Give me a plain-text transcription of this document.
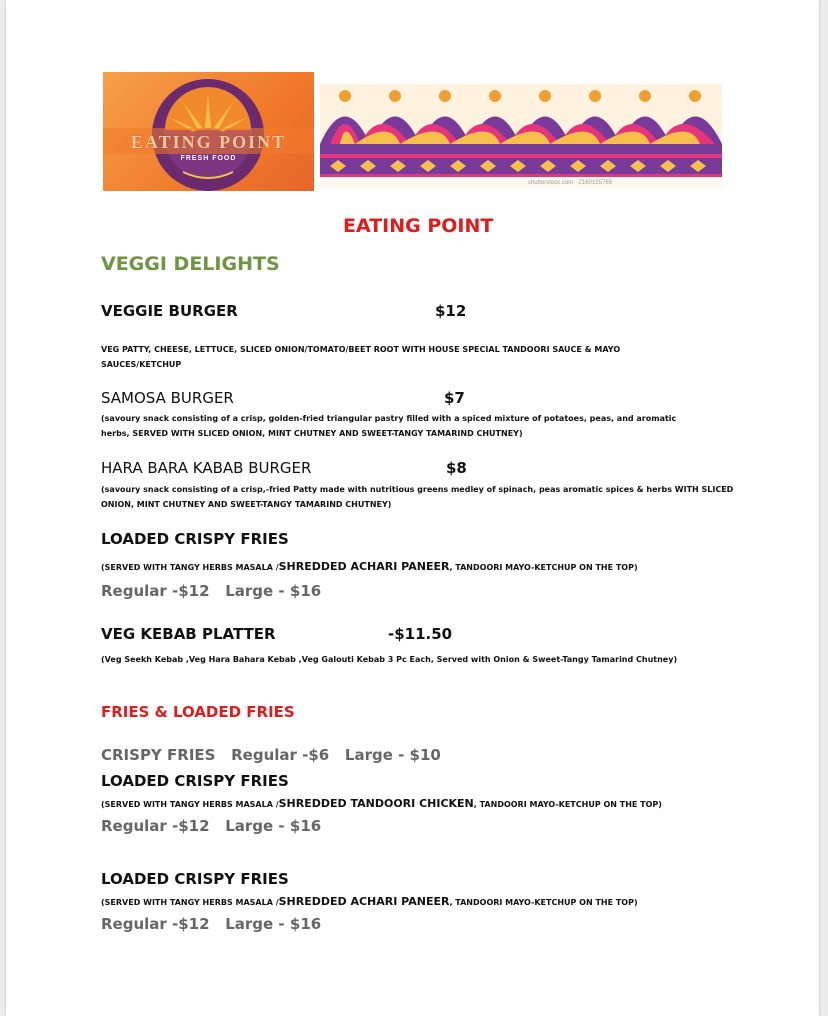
EATING POINT
FRESH FOOD
shutterstock.com · 2160155765
EATING POINT
VEGGI DELIGHTS
VEGGIE BURGER	$12
VEG PATTY, CHEESE, LETTUCE, SLICED ONION/TOMATO/BEET ROOT WITH HOUSE SPECIAL TANDOORI SAUCE & MAYO SAUCES/KETCHUP
SAMOSA BURGER	$7
(savoury snack consisting of a crisp, golden-fried triangular pastry filled with a spiced mixture of potatoes, peas, and aromatic herbs, SERVED WITH SLICED ONION, MINT CHUTNEY AND SWEET-TANGY TAMARIND CHUTNEY)
HARA BARA KABAB BURGER	$8
(savoury snack consisting of a crisp,-fried Patty made with nutritious greens medley of spinach, peas aromatic spices & herbs WITH SLICED ONION, MINT CHUTNEY AND SWEET-TANGY TAMARIND CHUTNEY)
LOADED CRISPY FRIES
(SERVED WITH TANGY HERBS MASALA /SHREDDED ACHARI PANEER, TANDOORI MAYO-KETCHUP ON THE TOP)
Regular -$12   Large - $16
VEG KEBAB PLATTER	-$11.50
(Veg Seekh Kebab ,Veg Hara Bahara Kebab ,Veg Galouti Kebab 3 Pc Each, Served with Onion & Sweet-Tangy Tamarind Chutney)
FRIES & LOADED FRIES
CRISPY FRIES   Regular -$6   Large - $10
LOADED CRISPY FRIES
(SERVED WITH TANGY HERBS MASALA /SHREDDED TANDOORI CHICKEN, TANDOORI MAYO-KETCHUP ON THE TOP)
Regular -$12   Large - $16
LOADED CRISPY FRIES
(SERVED WITH TANGY HERBS MASALA /SHREDDED ACHARI PANEER, TANDOORI MAYO-KETCHUP ON THE TOP)
Regular -$12   Large - $16
